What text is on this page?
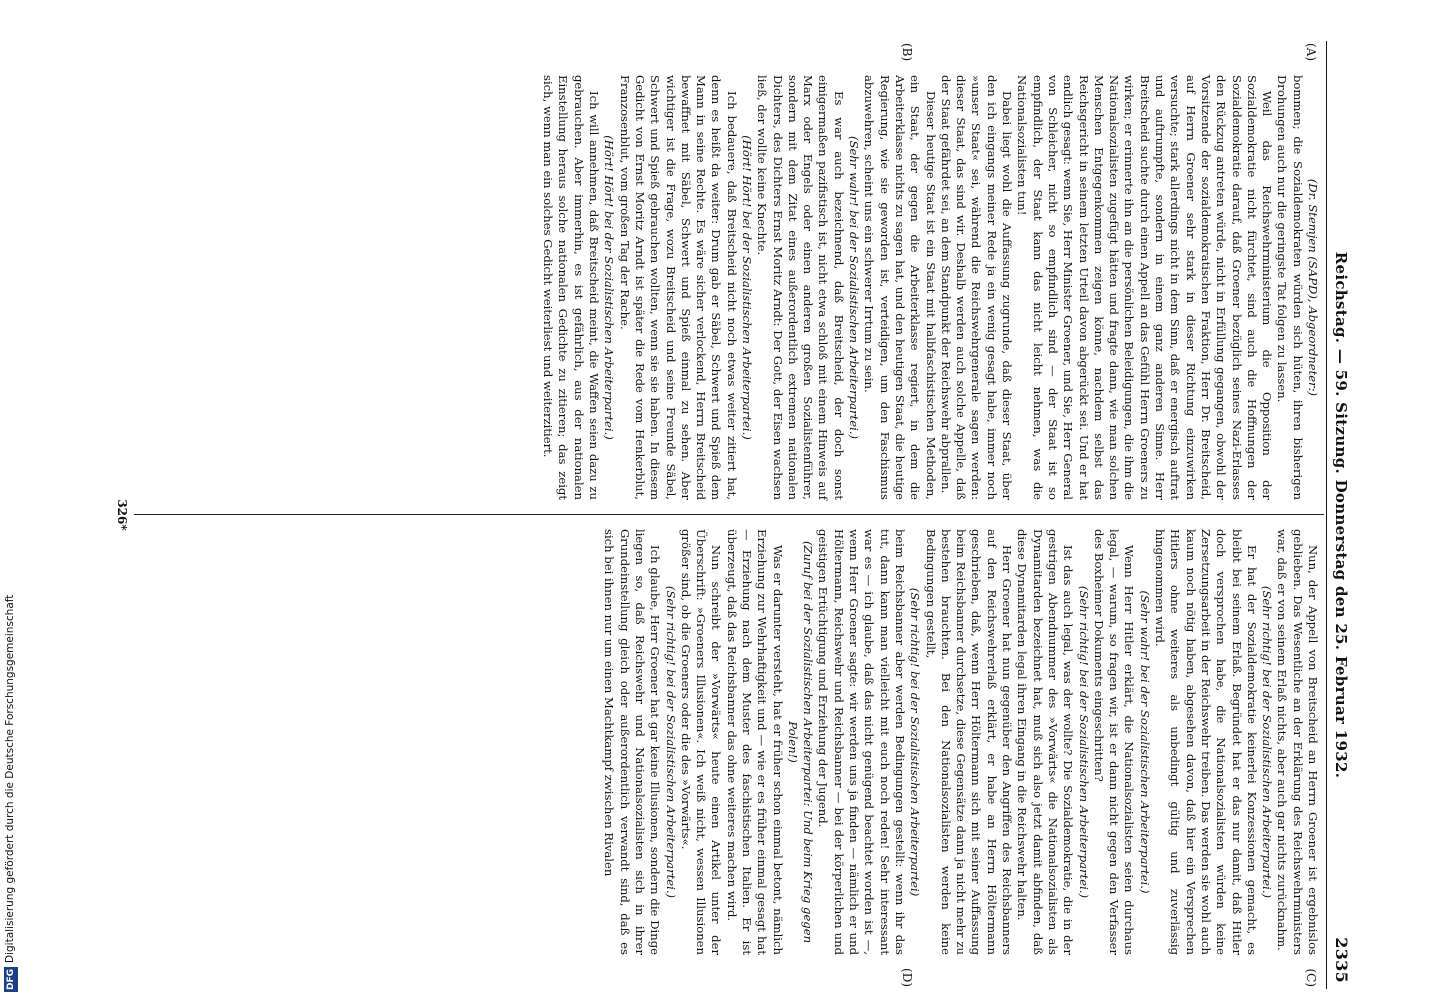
DFGDigitalisierung gefördert durch die Deutsche Forschungsgemeinschaft
Reichstag. — 59. Sitzung. Donnerstag den 25. Februar 1932.
2335
(A)
(B)
(C)
(D)

(Dr. Stemjen (SAPD), Abgeordneter:)

bommen; die Sozialdemokraten würden sich hüten, ihren bisherigen Drohungen auch nur die geringste Tat folgen zu lassen.

Weil das Reichswehrministerium die Opposition der Sozialdemokratie nicht fürchtet, sind auch die Hoffnungen der Sozialdemokratie darauf, daß Groener bezüglich seines Nazi-Erlasses den Rückzug antreten würde, nicht in Erfüllung gegangen, obwohl der Vorsitzende der sozialdemokratischen Fraktion, Herr Dr. Breitscheid, auf Herrn Groener sehr stark in dieser Richtung einzuwirken versuchte; stark allerdings nicht in dem Sinn, daß er energisch auftrat und auftrumpfte, sondern in einem ganz anderen Sinne. Herr Breitscheid suchte durch einen Appell an das Gefühl Herrn Groeners zu wirken; er erinnerte ihn an die persönlichen Beleidigungen, die ihm die Nationalsozialisten zugefügt hätten und fragte dann, wie man solchen Menschen Entgegenkommen zeigen könne, nachdem selbst das Reichsgericht in seinem letzten Urteil davon abgerückt sei. Und er hat endlich gesagt: wenn Sie, Herr Minister Groener, und Sie, Herr General von Schleicher, nicht so empfindlich sind — der Staat ist so empfindlich, der Staat kann das nicht leicht nehmen, was die Nationalsozialisten tun!

Dabei liegt wohl die Auffassung zugrunde, daß dieser Staat, über den ich eingangs meiner Rede ja ein wenig gesagt habe, immer noch »unser Staat« sei, während die Reichswehrgenerale sagen werden: dieser Staat, das sind wir. Deshalb werden auch solche Appelle, daß der Staat gefährdet sei, an dem Standpunkt der Reichswehr abprallen.

Dieser heutige Staat ist ein Staat mit halbfaschistischen Methoden, ein Staat, der gegen die Arbeiterklasse regiert, in dem die Arbeiterklasse nichts zu sagen hat, und den heutigen Staat, die heutige Regierung, wie sie geworden ist, verteidigen, um den Faschismus abzuwehren, scheint uns ein schwerer Irrtum zu sein.

(Sehr wahr! bei der Sozialistischen Arbeiterpartei.)

Es war auch bezeichnend, daß Breitscheid, der doch sonst einigermaßen pazifistisch ist, nicht etwa schloß mit einem Hinweis auf Marx oder Engels oder einen anderen großen Sozialistenführer, sondern mit dem Zitat eines außerordentlich extremen nationalen Dichters, des Dichters Ernst Moritz Arndt: Der Gott, der Eisen wachsen ließ, der wollte keine Knechte.

(Hört! Hört! bei der Sozialistischen Arbeiterpartei.)

Ich bedauere, daß Breitscheid nicht noch etwas weiter zitiert hat, denn es heißt da weiter: Drum gab er Säbel, Schwert und Spieß dem Mann in seine Rechte. Es wäre sicher verlockend, Herrn Breitscheid bewaffnet mit Säbel, Schwert und Spieß einmal zu sehen. Aber wichtiger ist die Frage, wozu Breitscheid und seine Freunde Säbel, Schwert und Spieß gebrauchen wollten, wenn sie sie haben. In diesem Gedicht von Ernst Moritz Arndt ist später die Rede vom Henkerblut, Franzosenblut, vom großen Tag der Rache.

(Hört! Hört! bei der Sozialistischen Arbeiterpartei.)

Ich will annehmen, daß Breitscheid meint, die Waffen seien dazu zu gebrauchen. Aber immerhin, es ist gefährlich, aus der nationalen Einstellung heraus solche nationalen Gedichte zu zitieren; das zeigt sich, wenn man ein solches Gedicht weiterliest und weiterzitiert.

Nun, der Appell von Breitscheid an Herrn Groener ist ergebnislos geblieben. Das Wesentliche an der Erklärung des Reichswehrministers war, daß er von seinem Erlaß nichts, aber auch gar nichts zurücknahm.

(Sehr richtig! bei der Sozialistischen Arbeiterpartei.)

Er hat der Sozialdemokratie keinerlei Konzessionen gemacht, es bleibt bei seinem Erlaß. Begründet hat er das nur damit, daß Hitler doch versprochen habe, die Nationalsozialisten würden keine Zersetzungsarbeit in der Reichswehr treiben. Das werden sie wohl auch kaum noch nötig haben, abgesehen davon, daß hier ein Versprechen Hitlers ohne weiteres als unbedingt gültig und zuverlässig hingenommen wird.

(Sehr wahr! bei der Sozialistischen Arbeiterpartei.)

Wenn Herr Hitler erklärt, die Nationalsozialisten seien durchaus legal, — warum, so fragen wir, ist er dann nicht gegen den Verfasser des Boxheimer Dokuments eingeschritten?

(Sehr richtig! bei der Sozialistischen Arbeiterpartei.)

Ist das auch legal, was der wollte? Die Sozialdemokratie, die in der gestrigen Abendnummer des »Vorwärts« die Nationalsozialisten als Dynamitarden bezeichnet hat, muß sich also jetzt damit abfinden, daß diese Dynamitarden legal ihren Eingang in die Reichswehr halten.

Herr Groener hat nun gegenüber den Angriffen des Reichsbanners auf den Reichswehrerlaß erklärt, er habe an Herrn Höltermann geschrieben, daß, wenn Herr Höltermann sich mit seiner Auffassung beim Reichsbanner durchsetze, diese Gegensätze dann ja nicht mehr zu bestehen brauchten. Bei den Nationalsozialisten werden keine Bedingungen gestellt,

(Sehr richtig! bei der Sozialistischen Arbeiterpartei)

beim Reichsbanner aber werden Bedingungen gestellt: wenn ihr das tut, dann kann man vielleicht mit euch noch reden! Sehr interessant war es — ich glaube, daß das nicht genügend beachtet worden ist —, wenn Herr Groener sagte: wir werden uns ja finden — nämlich er und Höltermann, Reichswehr und Reichsbanner — bei der körperlichen und geistigen Ertüchtigung und Erziehung der Jugend.

(Zuruf bei der Sozialistischen Arbeiterpartei: Und beim Krieg gegen Polen!)

Was er darunter versteht, hat er früher schon einmal betont, nämlich Erziehung zur Wehrhaftigkeit und — wie er es früher einmal gesagt hat — Erziehung nach dem Muster des faschistischen Italien. Er ist überzeugt, daß das Reichsbanner das ohne weiteres machen wird.

Nun schreibt der »Vorwärts« heute einen Artikel unter der Überschrift: »Groeners Illusionen«. Ich weiß nicht, wessen Illusionen größer sind, ob die Groeners oder die des »Vorwärts«.

(Sehr richtig! bei der Sozialistischen Arbeiterpartei.)

Ich glaube, Herr Groener hat gar keine Illusionen, sondern die Dinge liegen so, daß Reichswehr und Nationalsozialisten sich in ihrer Grundeinstellung gleich oder außerordentlich verwandt sind, daß es sich bei ihnen nur um einen Machtkampf zwischen Rivalen

326*
